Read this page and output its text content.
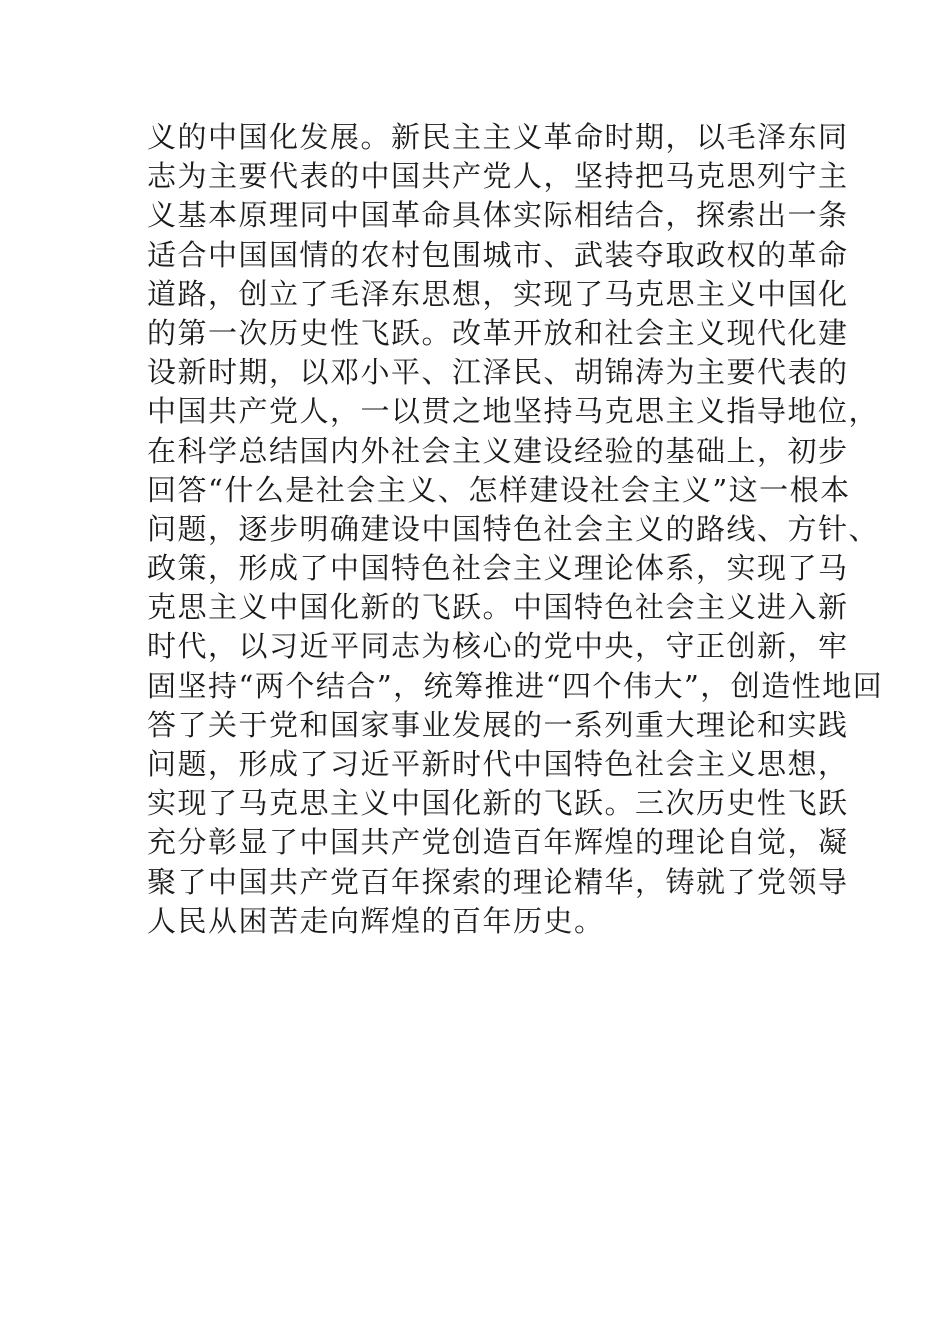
义的中国化发展。新民主主义革命时期，以毛泽东同
志为主要代表的中国共产党人，坚持把马克思列宁主
义基本原理同中国革命具体实际相结合，探索出一条
适合中国国情的农村包围城市、武装夺取政权的革命
道路，创立了毛泽东思想，实现了马克思主义中国化
的第一次历史性飞跃。改革开放和社会主义现代化建
设新时期，以邓小平、江泽民、胡锦涛为主要代表的
中国共产党人，一以贯之地坚持马克思主义指导地位，
在科学总结国内外社会主义建设经验的基础上，初步
回答“什么是社会主义、怎样建设社会主义”这一根本
问题，逐步明确建设中国特色社会主义的路线、方针、
政策，形成了中国特色社会主义理论体系，实现了马
克思主义中国化新的飞跃。中国特色社会主义进入新
时代，以习近平同志为核心的党中央，守正创新，牢
固坚持“两个结合”，统筹推进“四个伟大”，创造性地回
答了关于党和国家事业发展的一系列重大理论和实践
问题，形成了习近平新时代中国特色社会主义思想，
实现了马克思主义中国化新的飞跃。三次历史性飞跃
充分彰显了中国共产党创造百年辉煌的理论自觉，凝
聚了中国共产党百年探索的理论精华，铸就了党领导
人民从困苦走向辉煌的百年历史。
